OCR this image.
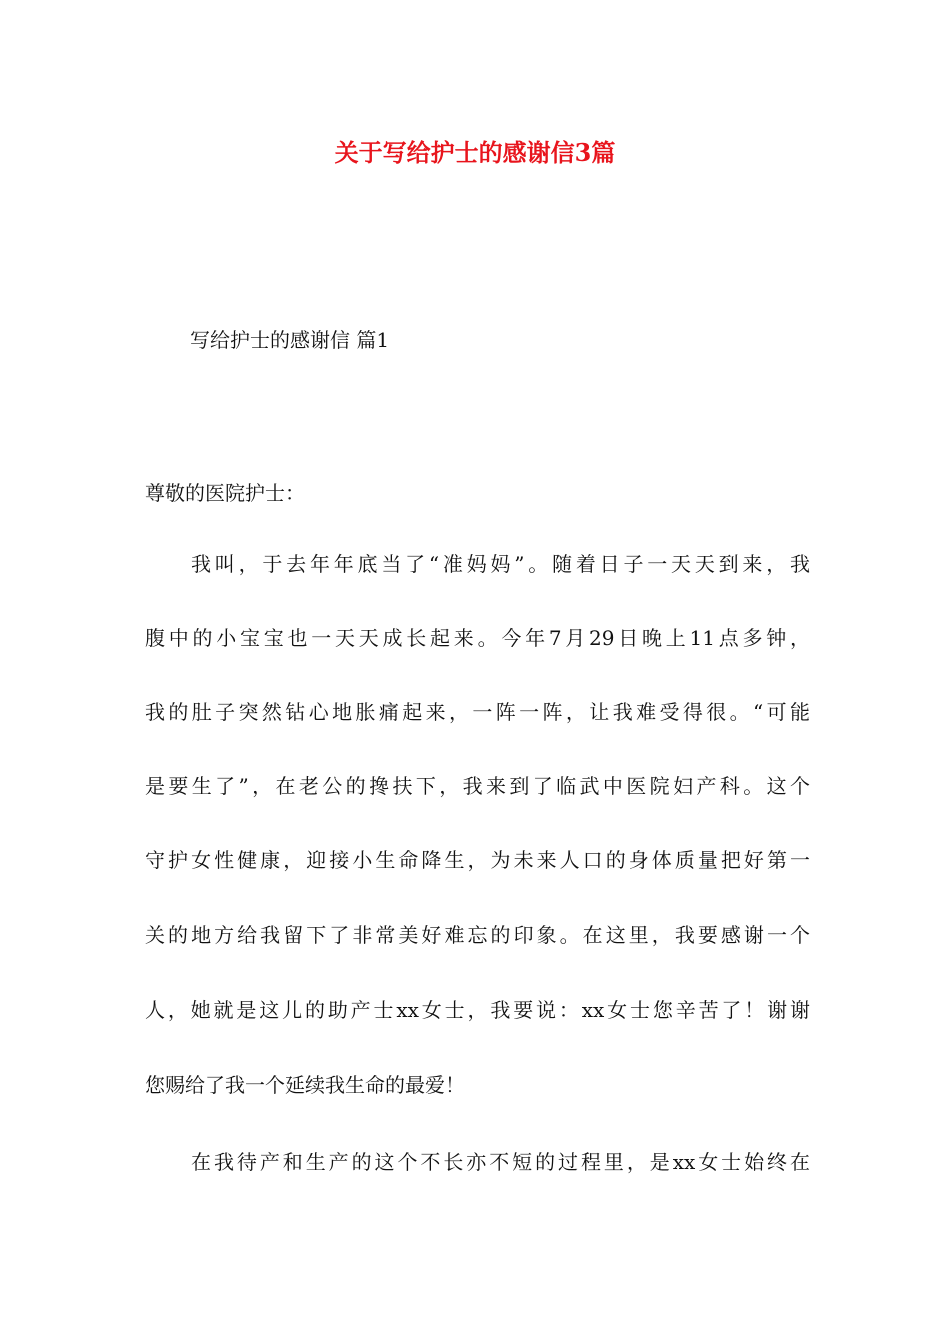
关于写给护士的感谢信3篇

写给护士的感谢信 篇1

尊敬的医院护士：

我叫，于去年年底当了“准妈妈”。随着日子一天天到来，我

腹中的小宝宝也一天天成长起来。今年7月29日晚上11点多钟，

我的肚子突然钻心地胀痛起来，一阵一阵，让我难受得很。“可能

是要生了”，在老公的搀扶下，我来到了临武中医院妇产科。这个

守护女性健康，迎接小生命降生，为未来人口的身体质量把好第一

关的地方给我留下了非常美好难忘的印象。在这里，我要感谢一个

人，她就是这儿的助产士xx女士，我要说：xx女士您辛苦了！谢谢

您赐给了我一个延续我生命的最爱！

在我待产和生产的这个不长亦不短的过程里，是xx女士始终在
